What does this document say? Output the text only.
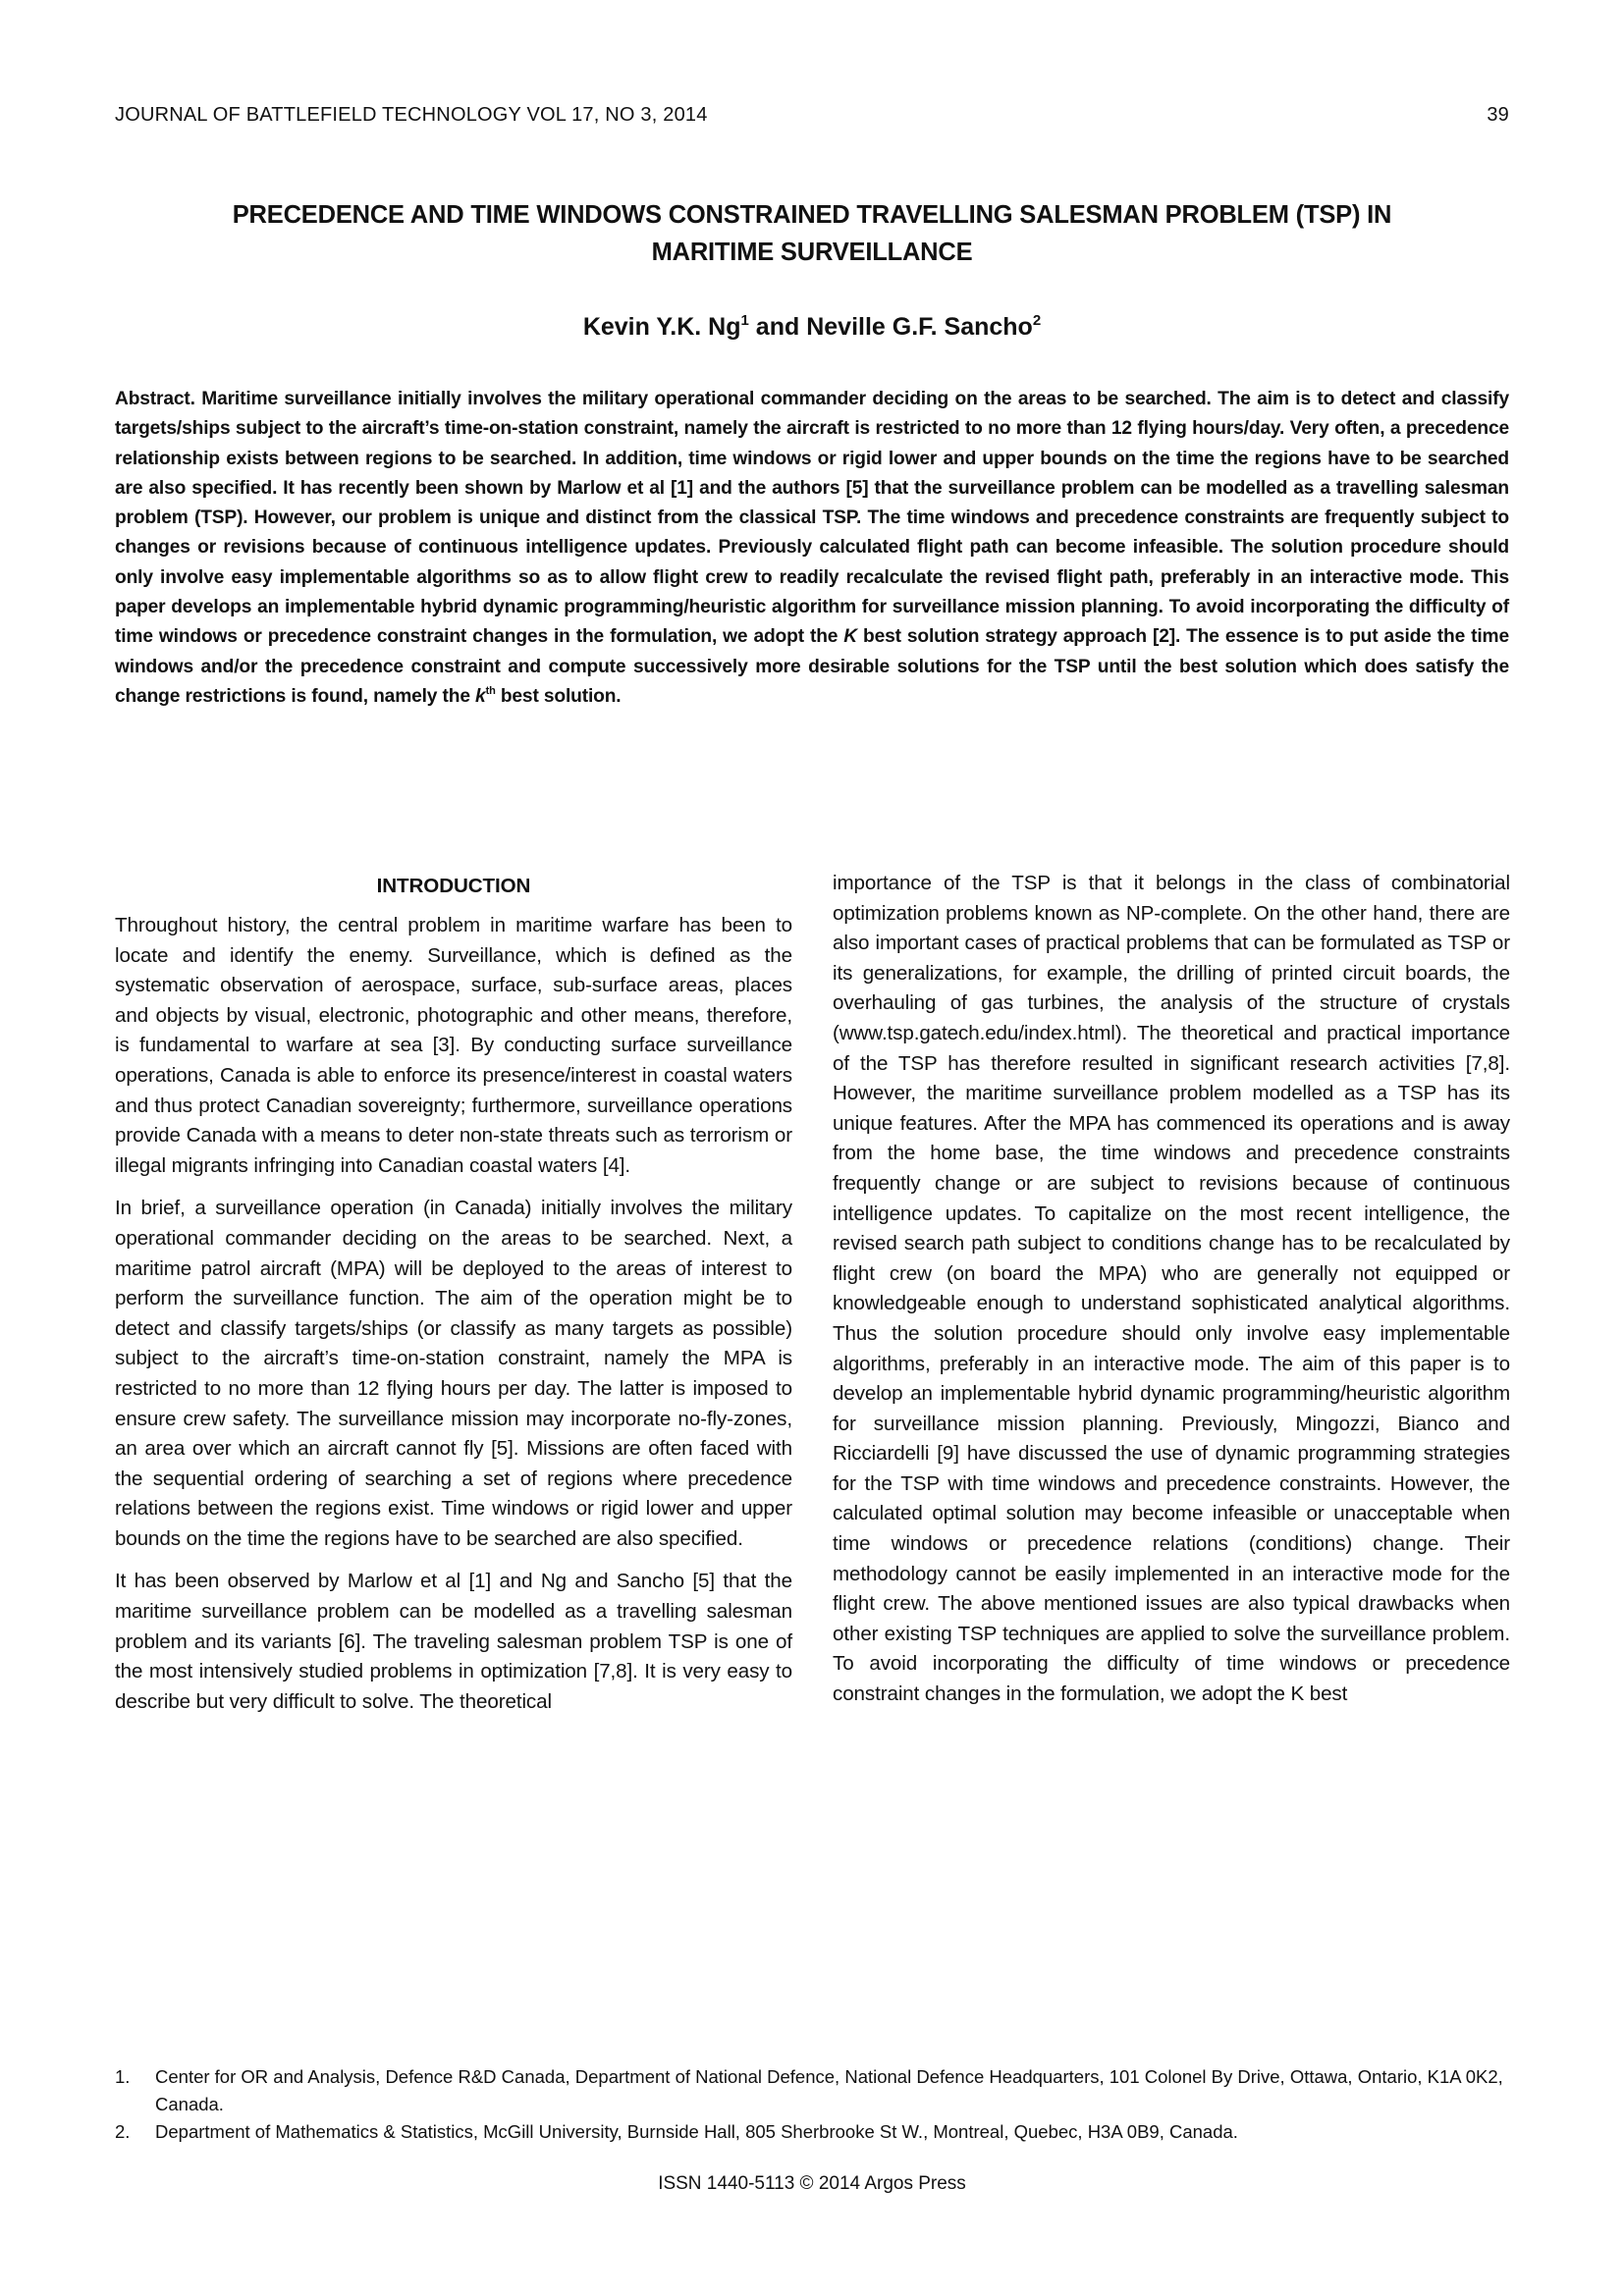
JOURNAL OF BATTLEFIELD TECHNOLOGY VOL 17, NO 3, 2014	39
PRECEDENCE AND TIME WINDOWS CONSTRAINED TRAVELLING SALESMAN PROBLEM (TSP) IN
MARITIME SURVEILLANCE
Kevin Y.K. Ng$^1$ and Neville G.F. Sancho$^2$
Abstract. Maritime surveillance initially involves the military operational commander deciding on the areas to be searched. The aim is to detect and classify targets/ships subject to the aircraft’s time-on-station constraint, namely the aircraft is restricted to no more than 12 flying hours/day. Very often, a precedence relationship exists between regions to be searched. In addition, time windows or rigid lower and upper bounds on the time the regions have to be searched are also specified. It has recently been shown by Marlow et al [1] and the authors [5] that the surveillance problem can be modelled as a travelling salesman problem (TSP). However, our problem is unique and distinct from the classical TSP. The time windows and precedence constraints are frequently subject to changes or revisions because of continuous intelligence updates. Previously calculated flight path can become infeasible. The solution procedure should only involve easy implementable algorithms so as to allow flight crew to readily recalculate the revised flight path, preferably in an interactive mode. This paper develops an implementable hybrid dynamic programming/heuristic algorithm for surveillance mission planning. To avoid incorporating the difficulty of time windows or precedence constraint changes in the formulation, we adopt the K best solution strategy approach [2]. The essence is to put aside the time windows and/or the precedence constraint and compute successively more desirable solutions for the TSP until the best solution which does satisfy the change restrictions is found, namely the $k^{th}$ best solution.
INTRODUCTION

Throughout history, the central problem in maritime warfare has been to locate and identify the enemy. Surveillance, which is defined as the systematic observation of aerospace, surface, sub-surface areas, places and objects by visual, electronic, photographic and other means, therefore, is fundamental to warfare at sea [3]. By conducting surface surveillance operations, Canada is able to enforce its presence/interest in coastal waters and thus protect Canadian sovereignty; furthermore, surveillance operations provide Canada with a means to deter non-state threats such as terrorism or illegal migrants infringing into Canadian coastal waters [4].

In brief, a surveillance operation (in Canada) initially involves the military operational commander deciding on the areas to be searched. Next, a maritime patrol aircraft (MPA) will be deployed to the areas of interest to perform the surveillance function. The aim of the operation might be to detect and classify targets/ships (or classify as many targets as possible) subject to the aircraft’s time-on-station constraint, namely the MPA is restricted to no more than 12 flying hours per day. The latter is imposed to ensure crew safety. The surveillance mission may incorporate no-fly-zones, an area over which an aircraft cannot fly [5]. Missions are often faced with the sequential ordering of searching a set of regions where precedence relations between the regions exist. Time windows or rigid lower and upper bounds on the time the regions have to be searched are also specified.

It has been observed by Marlow et al [1] and Ng and Sancho [5] that the maritime surveillance problem can be modelled as a travelling salesman problem and its variants [6]. The traveling salesman problem TSP is one of the most intensively studied problems in optimization [7,8]. It is very easy to describe but very difficult to solve. The theoretical

importance of the TSP is that it belongs in the class of combinatorial optimization problems known as NP-complete. On the other hand, there are also important cases of practical problems that can be formulated as TSP or its generalizations, for example, the drilling of printed circuit boards, the overhauling of gas turbines, the analysis of the structure of crystals (www.tsp.gatech.edu/index.html). The theoretical and practical importance of the TSP has therefore resulted in significant research activities [7,8]. However, the maritime surveillance problem modelled as a TSP has its unique features. After the MPA has commenced its operations and is away from the home base, the time windows and precedence constraints frequently change or are subject to revisions because of continuous intelligence updates. To capitalize on the most recent intelligence, the revised search path subject to conditions change has to be recalculated by flight crew (on board the MPA) who are generally not equipped or knowledgeable enough to understand sophisticated analytical algorithms. Thus the solution procedure should only involve easy implementable algorithms, preferably in an interactive mode. The aim of this paper is to develop an implementable hybrid dynamic programming/heuristic algorithm for surveillance mission planning. Previously, Mingozzi, Bianco and Ricciardelli [9] have discussed the use of dynamic programming strategies for the TSP with time windows and precedence constraints. However, the calculated optimal solution may become infeasible or unacceptable when time windows or precedence relations (conditions) change. Their methodology cannot be easily implemented in an interactive mode for the flight crew. The above mentioned issues are also typical drawbacks when other existing TSP techniques are applied to solve the surveillance problem. To avoid incorporating the difficulty of time windows or precedence constraint changes in the formulation, we adopt the K best

1.	Center for OR and Analysis, Defence R&D Canada, Department of National Defence, National Defence Headquarters, 101 Colonel By Drive, Ottawa, Ontario, K1A 0K2, Canada.
2.	Department of Mathematics & Statistics, McGill University, Burnside Hall, 805 Sherbrooke St W., Montreal, Quebec, H3A 0B9, Canada.
ISSN 1440-5113 © 2014 Argos Press
